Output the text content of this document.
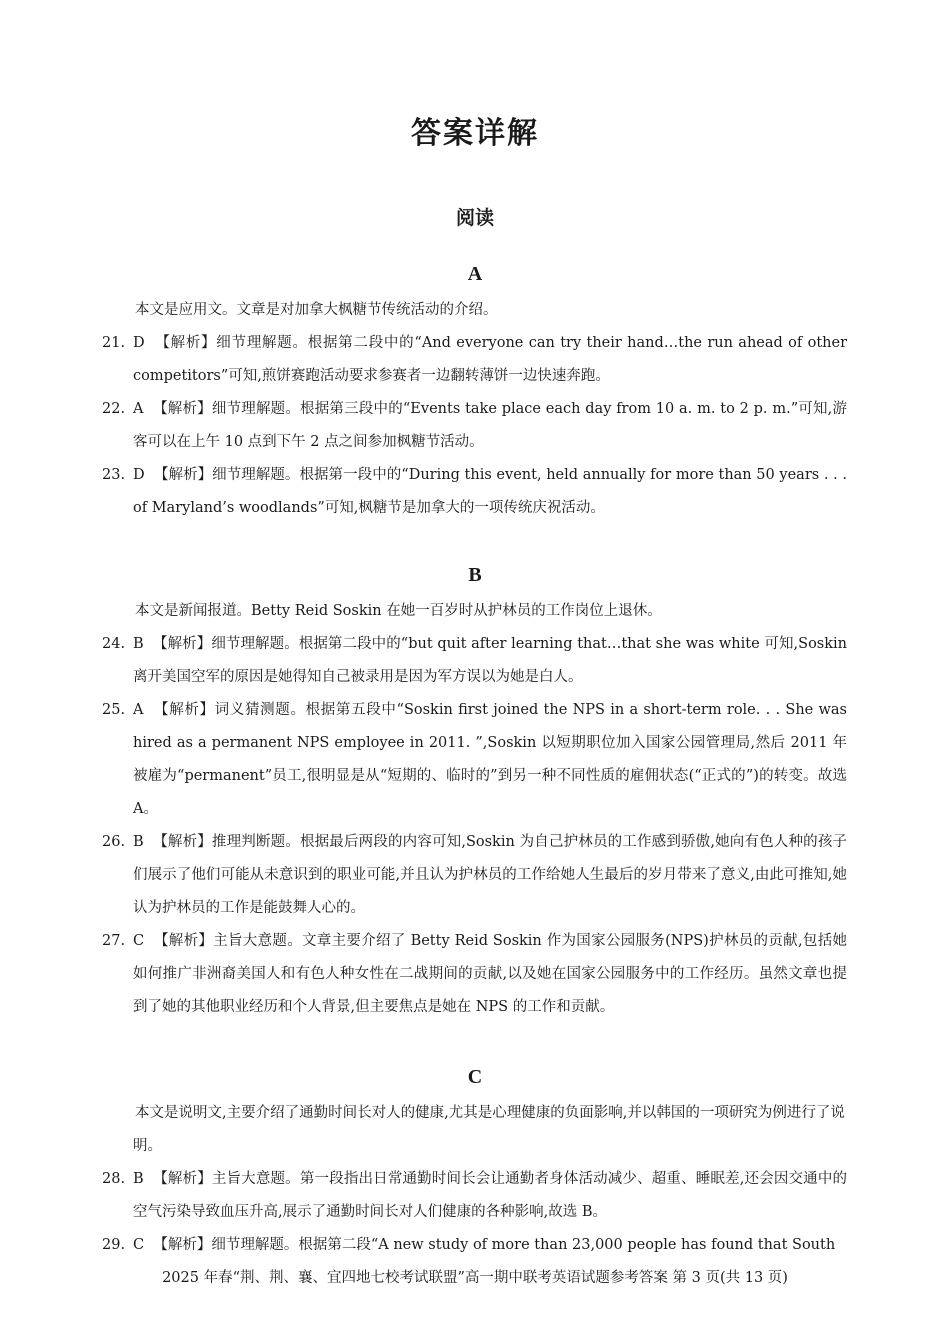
答案详解
阅读
A
本文是应用文。文章是对加拿大枫糖节传统活动的介绍。
21. D 【解析】细节理解题。根据第二段中的“And everyone can try their hand…the run ahead of other competitors”可知,煎饼赛跑活动要求参赛者一边翻转薄饼一边快速奔跑。
22. A 【解析】细节理解题。根据第三段中的“Events take place each day from 10 a. m. to 2 p. m.”可知,游客可以在上午 10 点到下午 2 点之间参加枫糖节活动。
23. D 【解析】细节理解题。根据第一段中的“During this event, held annually for more than 50 years . . . of Maryland’s woodlands”可知,枫糖节是加拿大的一项传统庆祝活动。
B
本文是新闻报道。Betty Reid Soskin 在她一百岁时从护林员的工作岗位上退休。
24. B 【解析】细节理解题。根据第二段中的“but quit after learning that…that she was white 可知,Soskin 离开美国空军的原因是她得知自己被录用是因为军方误以为她是白人。
25. A 【解析】词义猜测题。根据第五段中“Soskin first joined the NPS in a short-term role. . . She was hired as a permanent NPS employee in 2011. ”,Soskin 以短期职位加入国家公园管理局,然后 2011 年被雇为“permanent”员工,很明显是从“短期的、临时的”到另一种不同性质的雇佣状态(“正式的”)的转变。故选 A。
26. B 【解析】推理判断题。根据最后两段的内容可知,Soskin 为自己护林员的工作感到骄傲,她向有色人种的孩子们展示了他们可能从未意识到的职业可能,并且认为护林员的工作给她人生最后的岁月带来了意义,由此可推知,她认为护林员的工作是能鼓舞人心的。
27. C 【解析】主旨大意题。文章主要介绍了 Betty Reid Soskin 作为国家公园服务(NPS)护林员的贡献,包括她如何推广非洲裔美国人和有色人种女性在二战期间的贡献,以及她在国家公园服务中的工作经历。虽然文章也提到了她的其他职业经历和个人背景,但主要焦点是她在 NPS 的工作和贡献。
C
本文是说明文,主要介绍了通勤时间长对人的健康,尤其是心理健康的负面影响,并以韩国的一项研究为例进行了说明。
28. B 【解析】主旨大意题。第一段指出日常通勤时间长会让通勤者身体活动减少、超重、睡眠差,还会因交通中的空气污染导致血压升高,展示了通勤时间长对人们健康的各种影响,故选 B。
29. C 【解析】细节理解题。根据第二段“A new study of more than 23,000 people has found that South
2025 年春“荆、荆、襄、宜四地七校考试联盟”高一期中联考英语试题参考答案 第 3 页(共 13 页)
